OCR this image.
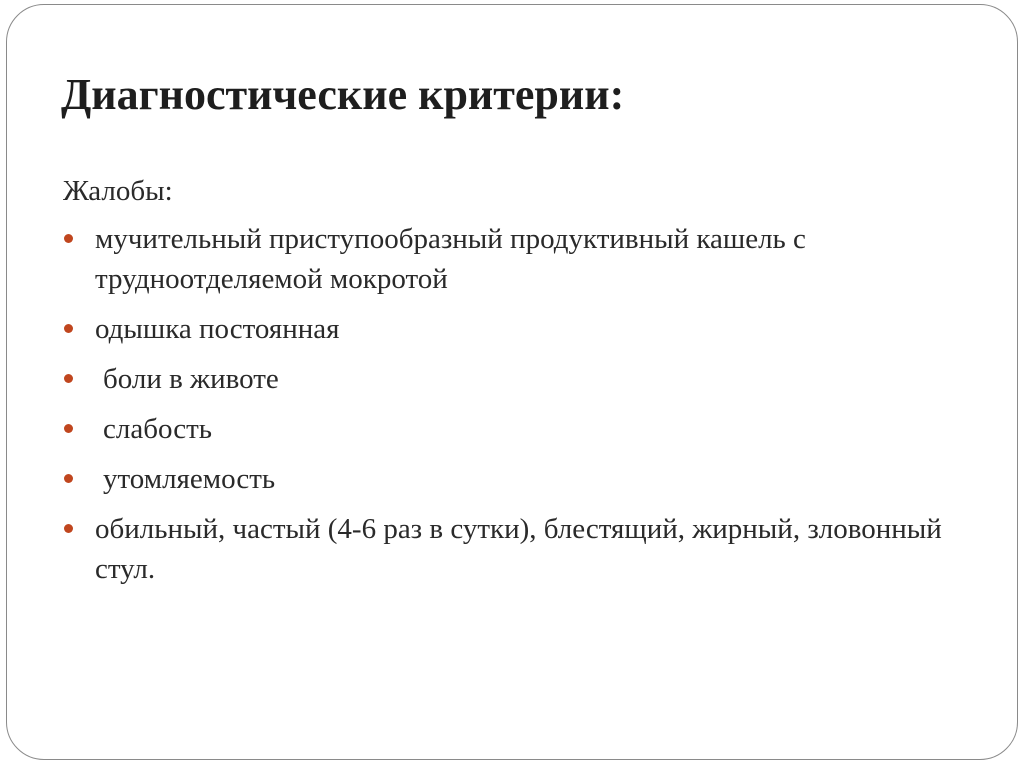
Диагностические критерии:

Жалобы:

мучительный приступообразный продуктивный кашель с трудноотделяемой мокротой
одышка постоянная
боли в животе
слабость
утомляемость
обильный, частый (4-6 раз в сутки), блестящий, жирный, зловонный стул.
